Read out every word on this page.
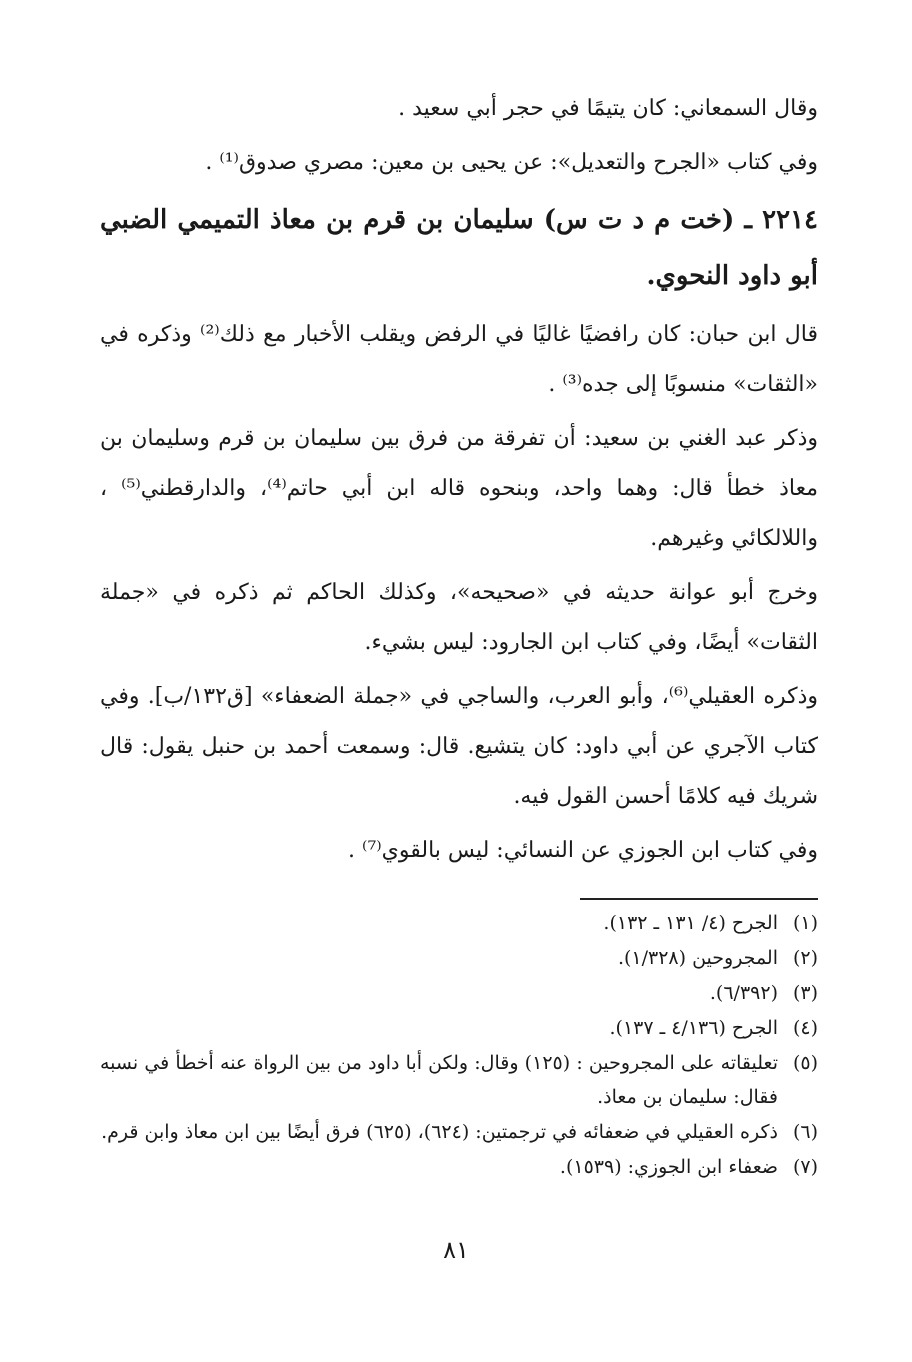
وقال السمعاني: كان يتيمًا في حجر أبي سعيد .

وفي كتاب «الجرح والتعديل»: عن يحيى بن معين: مصري صدوق⁽¹⁾ .

٢٢١٤ ـ (خت م د ت س) سليمان بن قرم بن معاذ التميمي الضبي أبو داود النحوي.

قال ابن حبان: كان رافضيًا غاليًا في الرفض ويقلب الأخبار مع ذلك⁽²⁾ وذكره في «الثقات» منسوبًا إلى جده⁽³⁾ .

وذكر عبد الغني بن سعيد: أن تفرقة من فرق بين سليمان بن قرم وسليمان بن معاذ خطأ قال: وهما واحد، وبنحوه قاله ابن أبي حاتم⁽⁴⁾، والدارقطني⁽⁵⁾ ، واللالكائي وغيرهم.

وخرج أبو عوانة حديثه في «صحيحه»، وكذلك الحاكم ثم ذكره في «جملة الثقات» أيضًا، وفي كتاب ابن الجارود: ليس بشيء.

وذكره العقيلي⁽⁶⁾، وأبو العرب، والساجي في «جملة الضعفاء» [ق١٣٢/ب]. وفي كتاب الآجري عن أبي داود: كان يتشيع. قال: وسمعت أحمد بن حنبل يقول: قال شريك فيه كلامًا أحسن القول فيه.

وفي كتاب ابن الجوزي عن النسائي: ليس بالقوي⁽⁷⁾ .

(١)
الجرح (٤/ ١٣١ ـ ١٣٢).
(٢)
المجروحين (١/٣٢٨).
(٣)
(٦/٣٩٢).
(٤)
الجرح (٤/١٣٦ ـ ١٣٧).
(٥)
تعليقاته على المجروحين : (١٢٥) وقال: ولكن أبا داود من بين الرواة عنه أخطأ في نسبه فقال: سليمان بن معاذ.
(٦)
ذكره العقيلي في ضعفائه في ترجمتين: (٦٢٤)، (٦٢٥) فرق أيضًا بين ابن معاذ وابن قرم.
(٧)
ضعفاء ابن الجوزي: (١٥٣٩).
٨١
